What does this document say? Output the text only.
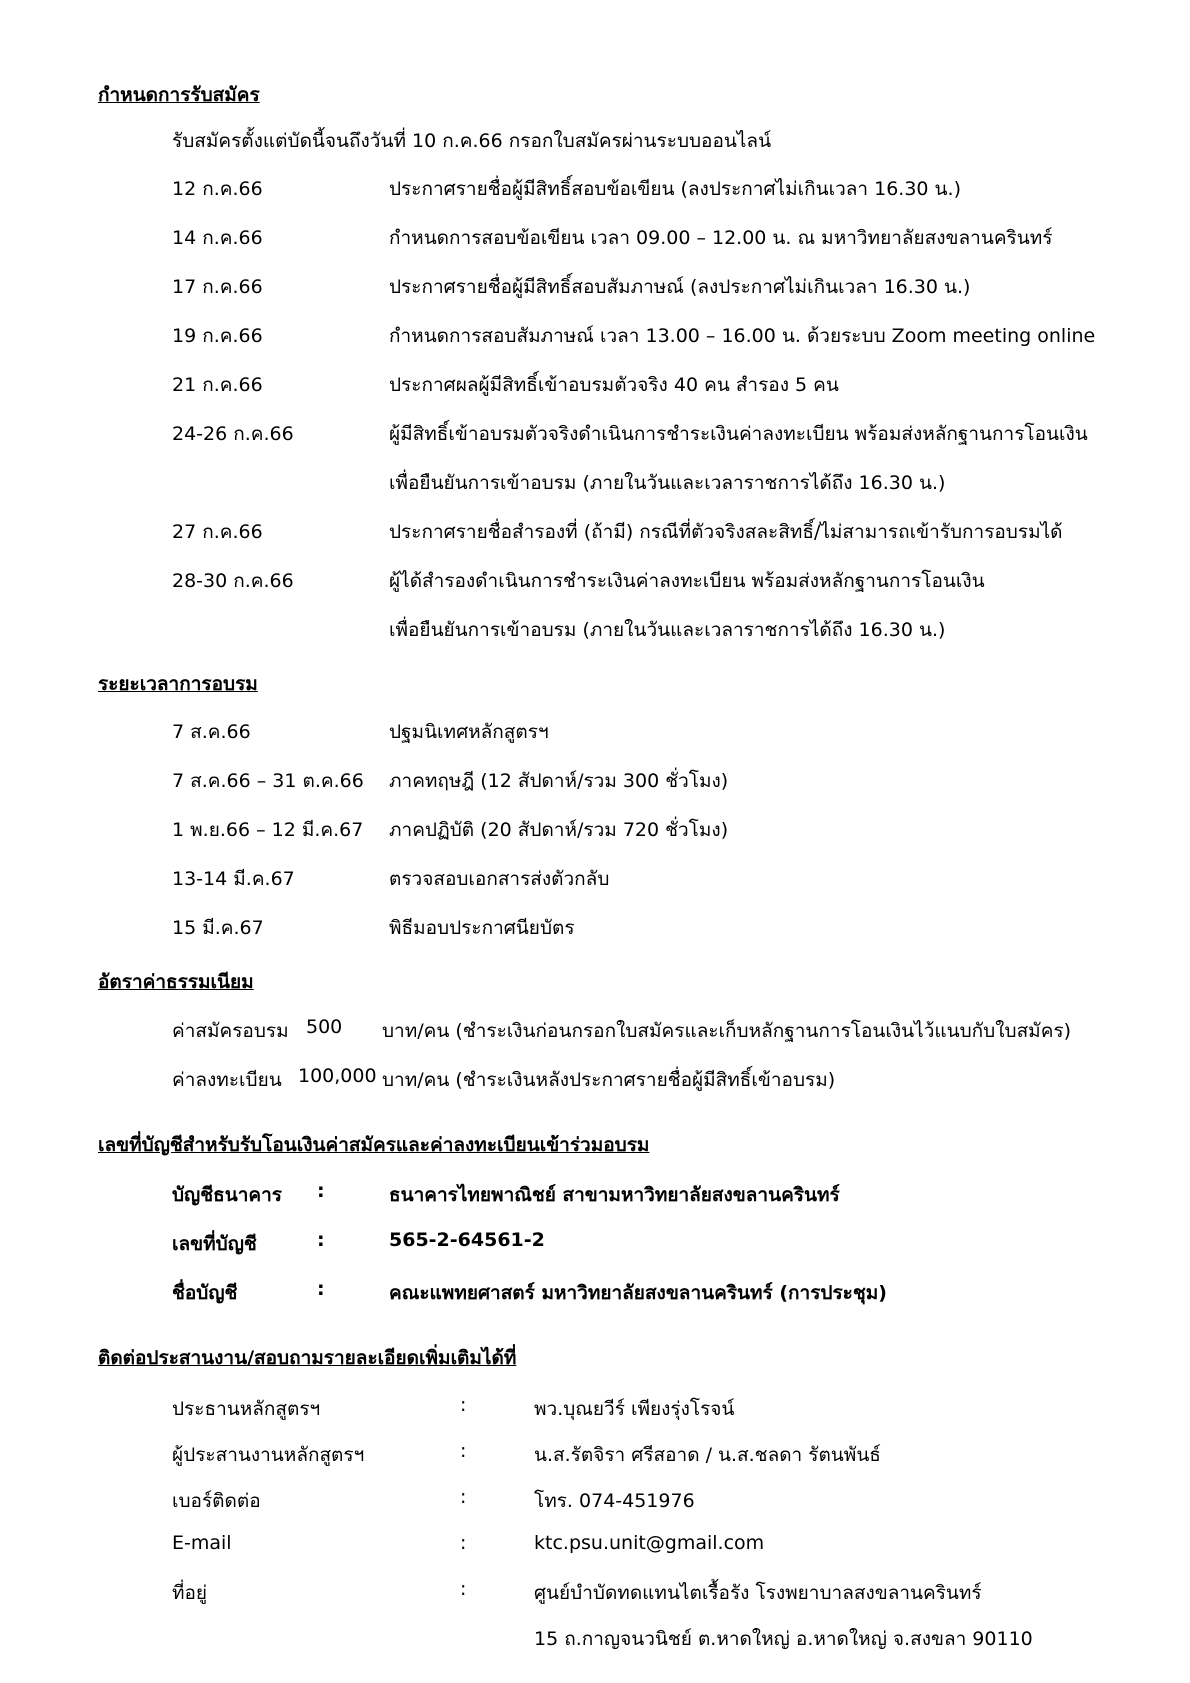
กำหนดการรับสมัคร
รับสมัครตั้งแต่บัดนี้จนถึงวันที่ 10 ก.ค.66 กรอกใบสมัครผ่านระบบออนไลน์
12 ก.ค.66	ประกาศรายชื่อผู้มีสิทธิ์สอบข้อเขียน (ลงประกาศไม่เกินเวลา 16.30 น.)
14 ก.ค.66	กำหนดการสอบข้อเขียน เวลา 09.00 – 12.00 น. ณ มหาวิทยาลัยสงขลานครินทร์
17 ก.ค.66	ประกาศรายชื่อผู้มีสิทธิ์สอบสัมภาษณ์ (ลงประกาศไม่เกินเวลา 16.30 น.)
19 ก.ค.66	กำหนดการสอบสัมภาษณ์ เวลา 13.00 – 16.00 น. ด้วยระบบ Zoom meeting online
21 ก.ค.66	ประกาศผลผู้มีสิทธิ์เข้าอบรมตัวจริง 40 คน สำรอง 5 คน
24-26 ก.ค.66	ผู้มีสิทธิ์เข้าอบรมตัวจริงดำเนินการชำระเงินค่าลงทะเบียน พร้อมส่งหลักฐานการโอนเงิน
เพื่อยืนยันการเข้าอบรม (ภายในวันและเวลาราชการได้ถึง 16.30 น.)
27 ก.ค.66	ประกาศรายชื่อสำรองที่ (ถ้ามี) กรณีที่ตัวจริงสละสิทธิ์/ไม่สามารถเข้ารับการอบรมได้
28-30 ก.ค.66	ผู้ได้สำรองดำเนินการชำระเงินค่าลงทะเบียน พร้อมส่งหลักฐานการโอนเงิน
เพื่อยืนยันการเข้าอบรม (ภายในวันและเวลาราชการได้ถึง 16.30 น.)
ระยะเวลาการอบรม
7 ส.ค.66	ปฐมนิเทศหลักสูตรฯ
7 ส.ค.66 – 31 ต.ค.66 ภาคทฤษฎี (12 สัปดาห์/รวม 300 ชั่วโมง)
1 พ.ย.66 – 12 มี.ค.67 ภาคปฏิบัติ (20 สัปดาห์/รวม 720 ชั่วโมง)
13-14 มี.ค.67	ตรวจสอบเอกสารส่งตัวกลับ
15 มี.ค.67	พิธีมอบประกาศนียบัตร
อัตราค่าธรรมเนียม
ค่าสมัครอบรม 500 บาท/คน (ชำระเงินก่อนกรอกใบสมัครและเก็บหลักฐานการโอนเงินไว้แนบกับใบสมัคร)
ค่าลงทะเบียน 100,000 บาท/คน (ชำระเงินหลังประกาศรายชื่อผู้มีสิทธิ์เข้าอบรม)
เลขที่บัญชีสำหรับรับโอนเงินค่าสมัครและค่าลงทะเบียนเข้าร่วมอบรม
บัญชีธนาคาร :	ธนาคารไทยพาณิชย์ สาขามหาวิทยาลัยสงขลานครินทร์
เลขที่บัญชี	:	565-2-64561-2
ชื่อบัญชี	:	คณะแพทยศาสตร์ มหาวิทยาลัยสงขลานครินทร์ (การประชุม)
ติดต่อประสานงาน/สอบถามรายละเอียดเพิ่มเติมได้ที่
ประธานหลักสูตรฯ	:	พว.บุณยวีร์ เพียงรุ่งโรจน์
ผู้ประสานงานหลักสูตรฯ	:	น.ส.รัตจิรา ศรีสอาด / น.ส.ชลดา รัตนพันธ์
เบอร์ติดต่อ	:	โทร. 074-451976
E-mail	:	ktc.psu.unit@gmail.com
ที่อยู่	:	ศูนย์บำบัดทดแทนไตเรื้อรัง โรงพยาบาลสงขลานครินทร์
15 ถ.กาญจนวนิชย์ ต.หาดใหญ่ อ.หาดใหญ่ จ.สงขลา 90110
